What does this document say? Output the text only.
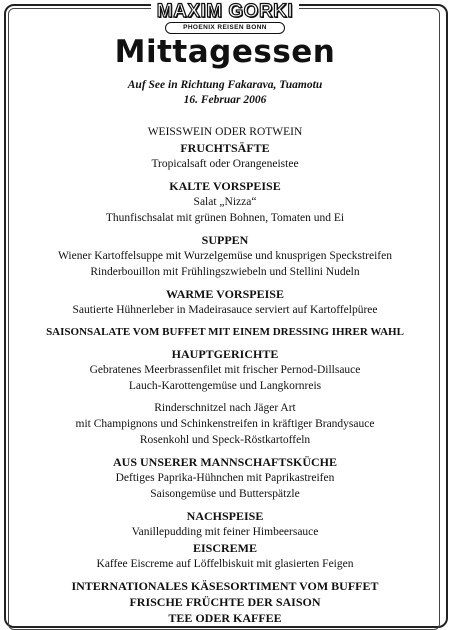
MAXIM GORKI
PHOENIX REISEN BONN
Mittagessen
Auf See in Richtung Fakarava, Tuamotu
16. Februar 2006

WEISSWEIN ODER ROTWEIN

FRUCHTSÄFTE

Tropicalsaft oder Orangeneistee

KALTE VORSPEISE

Salat „Nizza“

Thunfischsalat mit grünen Bohnen, Tomaten und Ei

SUPPEN

Wiener Kartoffelsuppe mit Wurzelgemüse und knusprigen Speckstreifen

Rinderbouillon mit Frühlingszwiebeln und Stellini Nudeln

WARME VORSPEISE

Sautierte Hühnerleber in Madeirasauce serviert auf Kartoffelpüree

SAISONSALATE VOM BUFFET MIT EINEM DRESSING IHRER WAHL

HAUPTGERICHTE

Gebratenes Meerbrassenfilet mit frischer Pernod-Dillsauce

Lauch-Karottengemüse und Langkornreis

Rinderschnitzel nach Jäger Art

mit Champignons und Schinkenstreifen in kräftiger Brandysauce

Rosenkohl und Speck-Röstkartoffeln

AUS UNSERER MANNSCHAFTSKÜCHE

Deftiges Paprika-Hühnchen mit Paprikastreifen

Saisongemüse und Butterspätzle

NACHSPEISE

Vanillepudding mit feiner Himbeersauce

EISCREME

Kaffee Eiscreme auf Löffelbiskuit mit glasierten Feigen

INTERNATIONALES KÄSESORTIMENT VOM BUFFET

FRISCHE FRÜCHTE DER SAISON

TEE ODER KAFFEE
